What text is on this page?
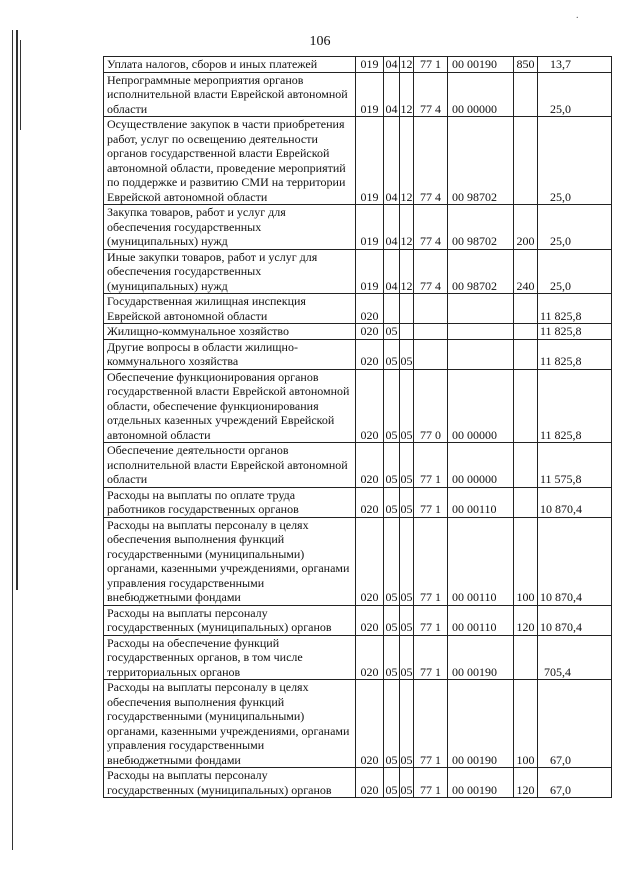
106
Уплата налогов, сборов и иных платежей	019	04	12	77 1	00 00190	850	13,7
Непрограммные мероприятия органов исполнительной власти Еврейской автономной области	019	04	12	77 4	00 00000		25,0
Осуществление закупок в части приобретения работ, услуг по освещению деятельности органов государственной власти Еврейской автономной области, проведение мероприятий по поддержке и развитию СМИ на территории Еврейской автономной области	019	04	12	77 4	00 98702		25,0
Закупка товаров, работ и услуг для обеспечения государственных (муниципальных) нужд	019	04	12	77 4	00 98702	200	25,0
Иные закупки товаров, работ и услуг для обеспечения государственных (муниципальных) нужд	019	04	12	77 4	00 98702	240	25,0
Государственная жилищная инспекция Еврейской автономной области	020						11 825,8
Жилищно-коммунальное хозяйство	020	05					11 825,8
Другие вопросы в области жилищно-коммунального хозяйства	020	05	05				11 825,8
Обеспечение функционирования органов государственной власти Еврейской автономной области, обеспечение функционирования отдельных казенных учреждений Еврейской автономной области	020	05	05	77 0	00 00000		11 825,8
Обеспечение деятельности органов исполнительной власти Еврейской автономной области	020	05	05	77 1	00 00000		11 575,8
Расходы на выплаты по оплате труда работников государственных органов	020	05	05	77 1	00 00110		10 870,4
Расходы на выплаты персоналу в целях обеспечения выполнения функций государственными (муниципальными) органами, казенными учреждениями, органами управления государственными внебюджетными фондами	020	05	05	77 1	00 00110	100	10 870,4
Расходы на выплаты персоналу государственных (муниципальных) органов	020	05	05	77 1	00 00110	120	10 870,4
Расходы на обеспечение функций государственных органов, в том числе территориальных органов	020	05	05	77 1	00 00190		705,4
Расходы на выплаты персоналу в целях обеспечения выполнения функций государственными (муниципальными) органами, казенными учреждениями, органами управления государственными внебюджетными фондами	020	05	05	77 1	00 00190	100	67,0
Расходы на выплаты персоналу государственных (муниципальных) органов	020	05	05	77 1	00 00190	120	67,0
.
